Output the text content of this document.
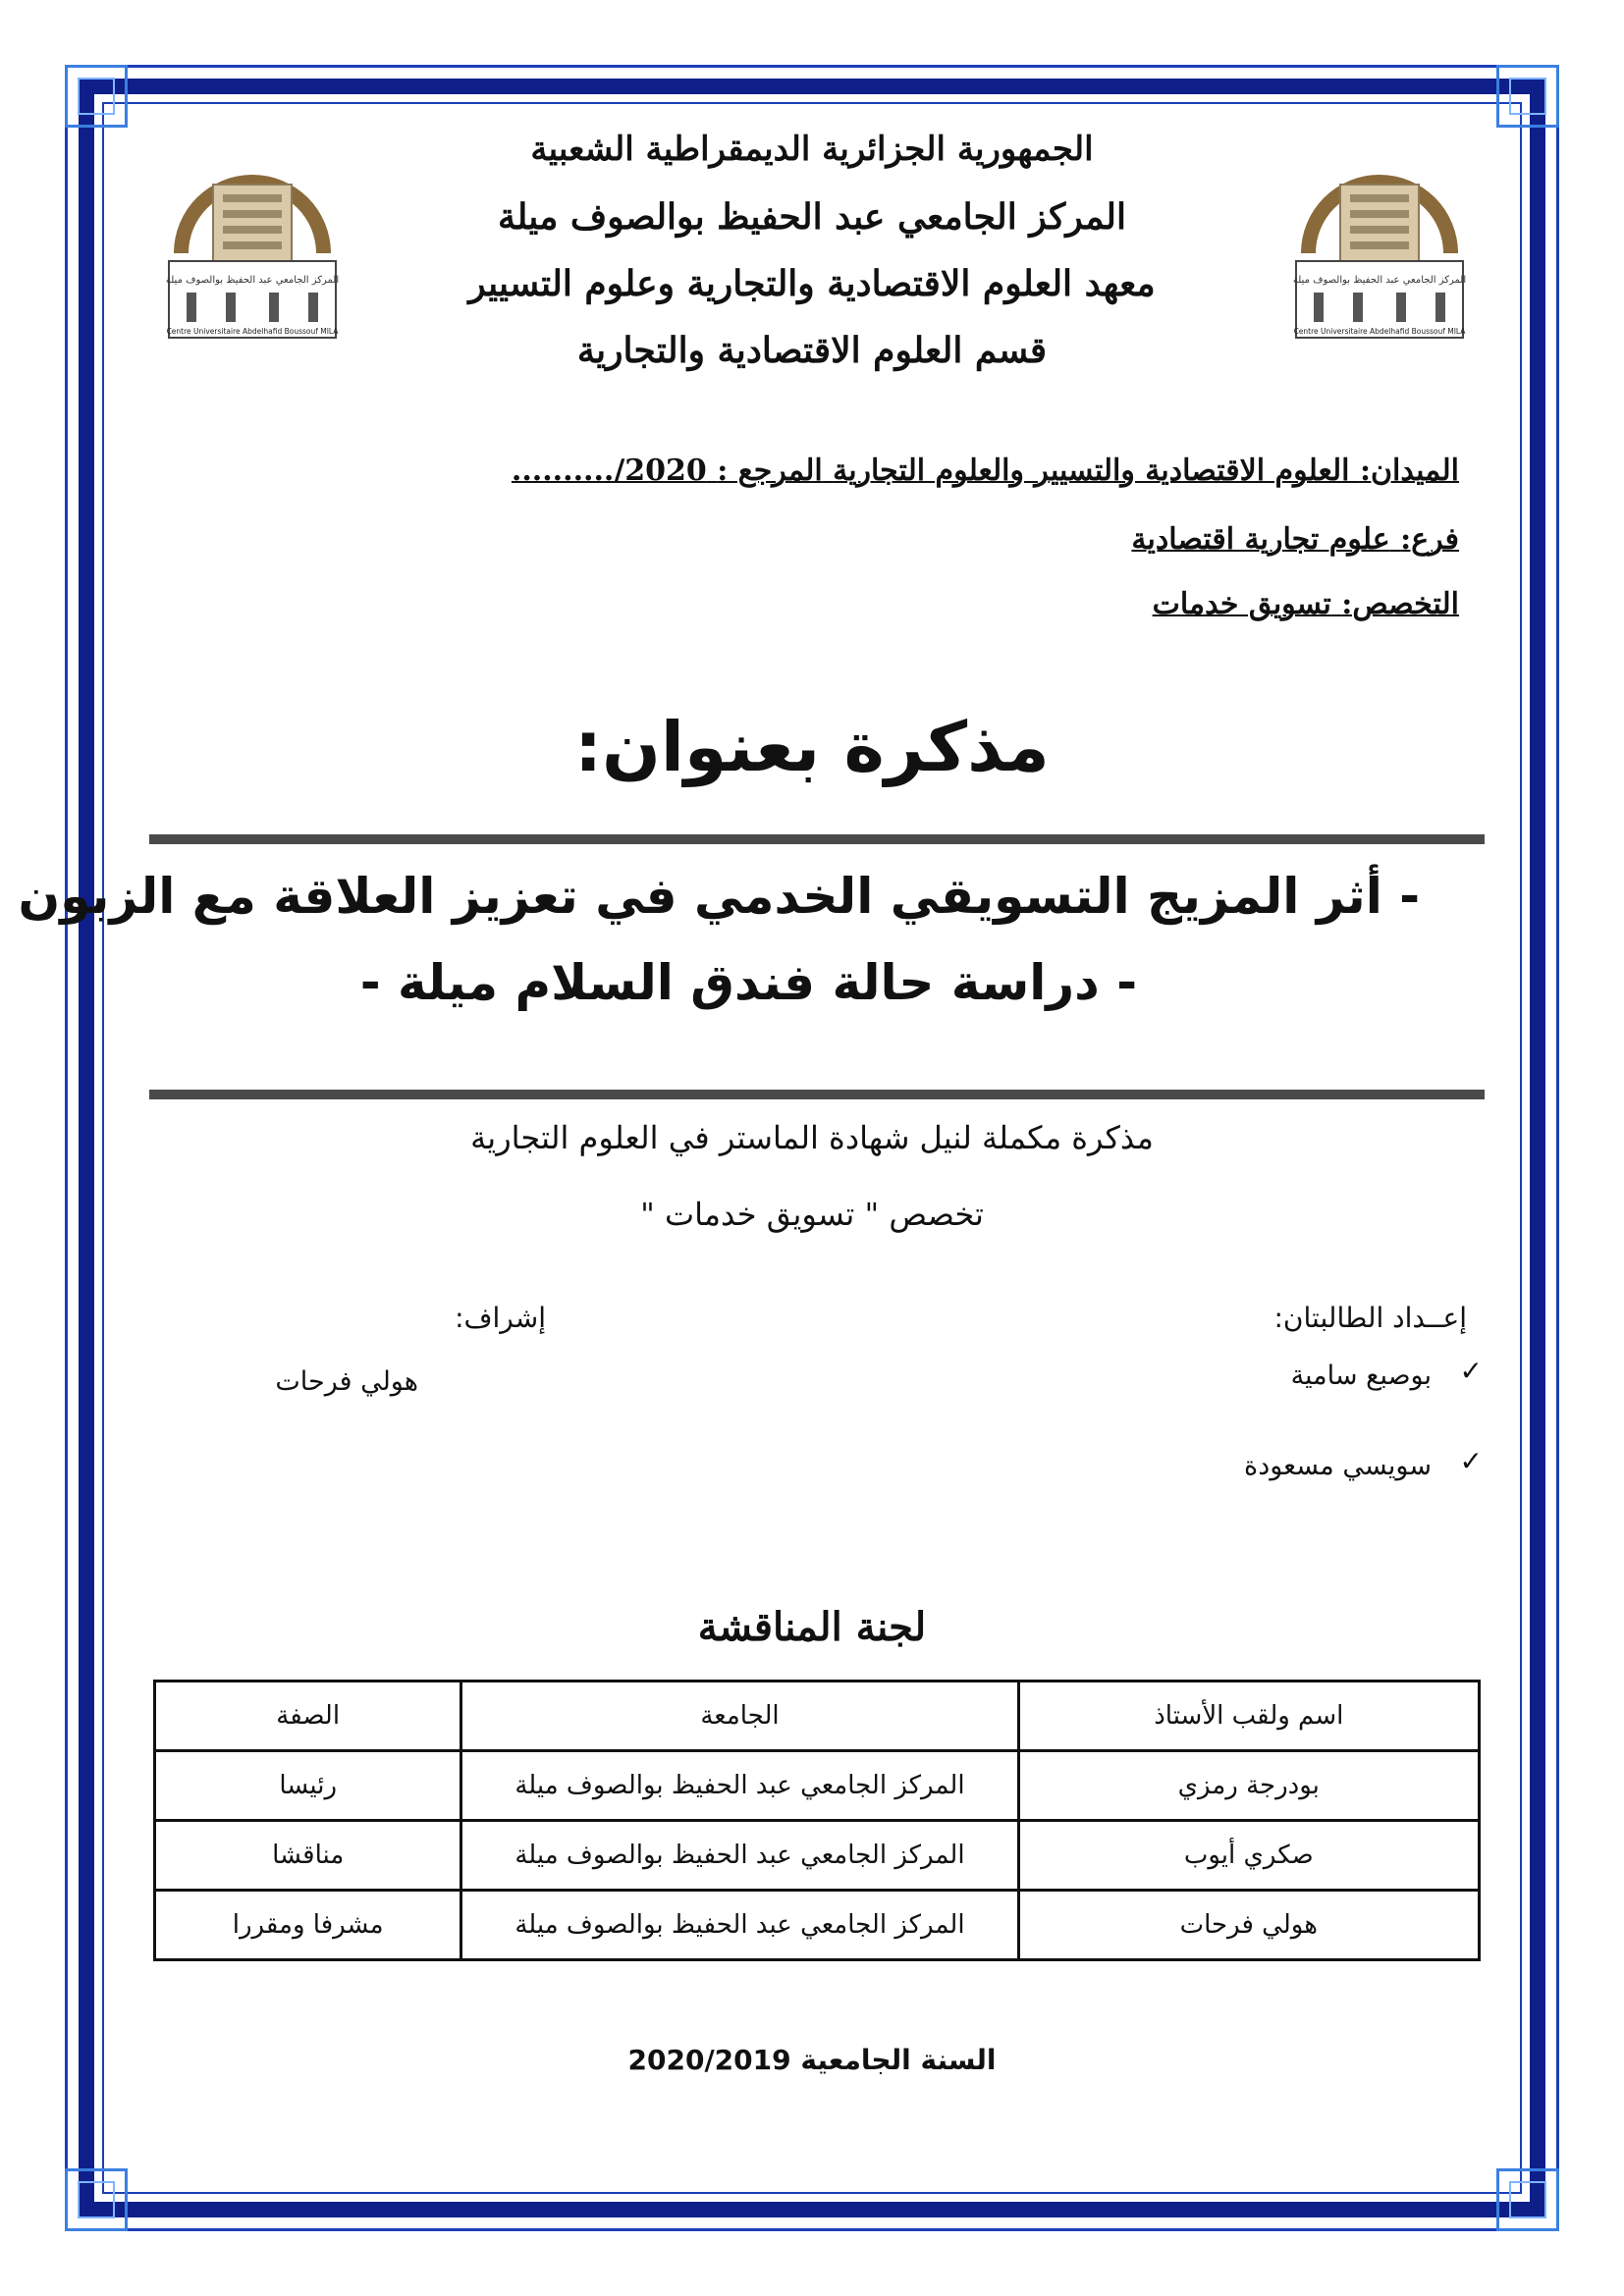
المركز الجامعي عبد الحفيظ بوالصوف ميلة
Centre Universitaire Abdelhafid Boussouf MILA
المركز الجامعي عبد الحفيظ بوالصوف ميلة
Centre Universitaire Abdelhafid Boussouf MILA
الجمهورية الجزائرية الديمقراطية الشعبية
المركز الجامعي عبد الحفيظ بوالصوف ميلة
معهد العلوم الاقتصادية والتجارية وعلوم التسيير
قسم العلوم الاقتصادية والتجارية
الميدان: العلوم الاقتصادية والتسيير والعلوم التجارية المرجع : ........../2020
فرع: علوم تجارية اقتصادية
التخصص: تسويق خدمات
مذكرة بعنوان:
- أثر المزيج التسويقي الخدمي في تعزيز العلاقة مع الزبون
- دراسة حالة فندق السلام ميلة -
مذكرة مكملة لنيل شهادة الماستر في العلوم التجارية
تخصص " تسويق خدمات "
إعــداد الطالبتان:
✓
بوصبع سامية
✓
سويسي مسعودة
إشراف:
هولي فرحات
لجنة المناقشة
اسم ولقب الأستاذ	الجامعة	الصفة
بودرجة رمزي	المركز الجامعي عبد الحفيظ بوالصوف ميلة	رئيسا
صكري أيوب	المركز الجامعي عبد الحفيظ بوالصوف ميلة	مناقشا
هولي فرحات	المركز الجامعي عبد الحفيظ بوالصوف ميلة	مشرفا ومقررا
السنة الجامعية 2020/2019
